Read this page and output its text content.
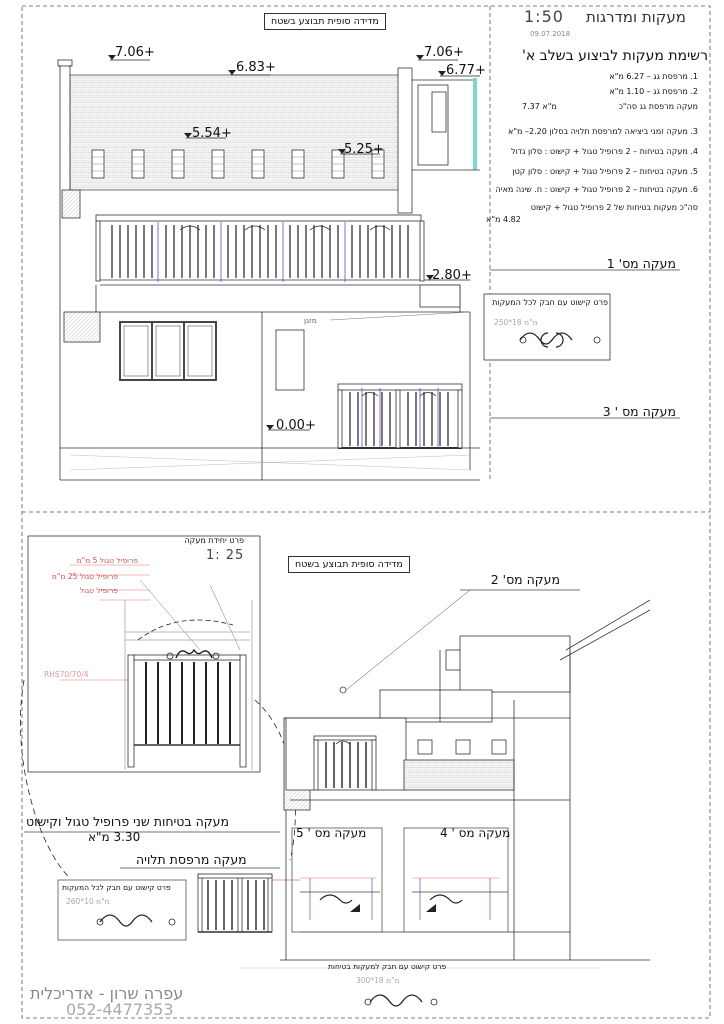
מעקות ומדרגות
1:50
09.07.2018
מדידה סופית תבוצע בשטח
7.06+
6.83+
5.54+
5.25+
7.06+
6.77+
2.80+
0.00+
רשימת מעקות לביצוע בשלב א'
1. מרפסת גג – 6.27 מ"א
2. מרפסת גג – 1.10 מ"א
מעקה מרפסת גג סה"כ
7.37 מ"א
3. מעקה זמני ביציאה למרפסת תלויה בסלון 2.20– מ"א
4. מעקה בטיחות – 2 פרופיל טגול + קישוט : סלון גדול
5. מעקה בטיחות – 2 פרופיל טגול + קישוט : סלון קטן
6. מעקה בטיחות – 2 פרופיל טגול + קישוט : ח. שינה מאיה
סה"כ מעקות בטיחות של 2 פרופיל טגול + קישוט
4.82 מ"א
מעקה מס' 1
מעקה מס ' 3
פרט קישוט עם חבק לכל המעקות
250*18 מ"מ
מזגן
מדידה סופית תבוצע בשטח
פרט יחידת מעקה
1: 25
פרופיל טגול 5 מ"מ
פרופיל טגול 25 מ"מ
פרופיל טגול
RHS70/70/4
מעקה מס' 2
מעקה מס ' 4
מעקה מס ' 5
מעקה בטיחות שני פרופיל טגול וקישוט
3.30 מ"א
מעקה מרפסת תלויה
פרט קישוט עם חבק לכל המעקות
260*10 מ"מ
פרט קישוט עם חבק למעקות בטיחות
300*18 מ"מ
עפרה שרון - אדריכלית
052-4477353
